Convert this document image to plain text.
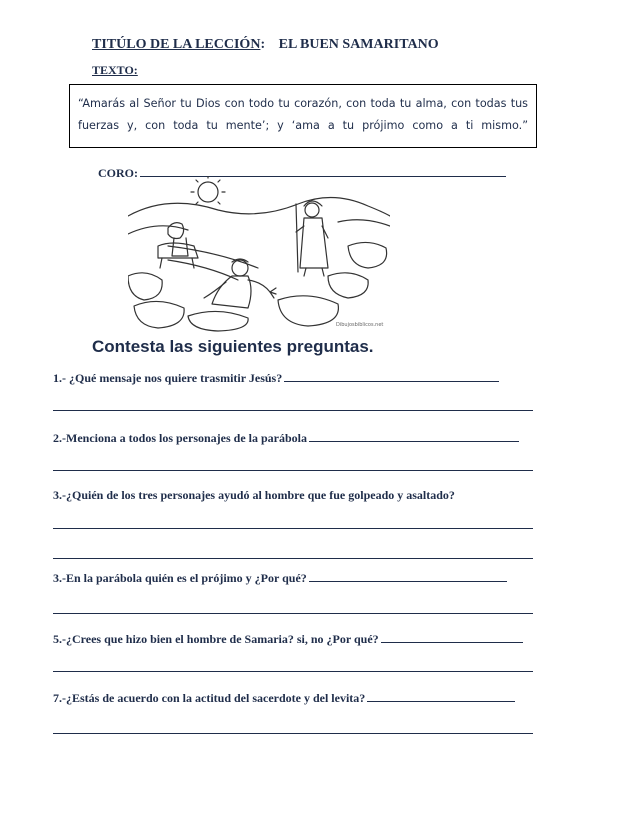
TITÚLO DE LA LECCIÓN: EL BUEN SAMARITANO
TEXTO:
“Amarás al Señor tu Dios con todo tu corazón, con toda tu alma, con todas tus fuerzas y, con toda tu mente’; y ‘ama a tu prójimo como a ti mismo.”
CORO:
Dibujosbiblicos.net
Contesta las siguientes preguntas.
1.- ¿Qué mensaje nos quiere trasmitir Jesús?
2.-Menciona a todos los personajes de la parábola
3.-¿Quién de los tres personajes ayudó al hombre que fue golpeado y asaltado?
3.-En la parábola quién es el prójimo y ¿Por qué?
5.-¿Crees que hizo bien el hombre de Samaria? si, no ¿Por qué?
7.-¿Estás de acuerdo con la actitud del sacerdote y del levita?
